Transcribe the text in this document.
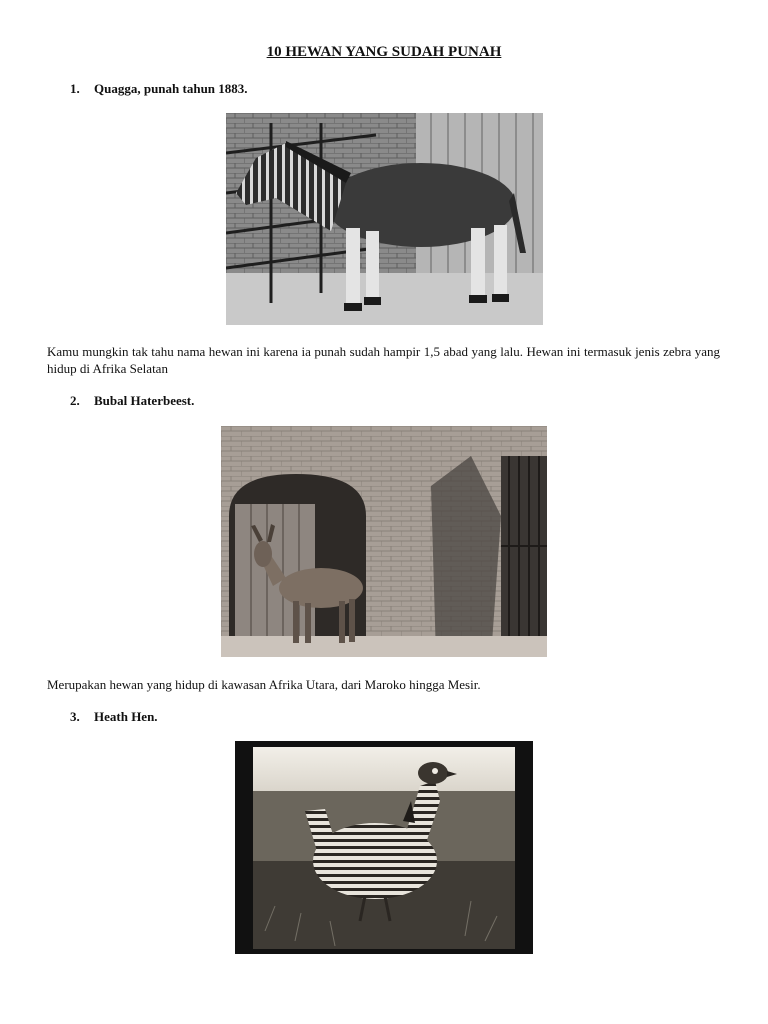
10 HEWAN YANG SUDAH PUNAH
1. Quagga, punah tahun 1883.
Kamu mungkin tak tahu nama hewan ini karena ia punah sudah hampir 1,5 abad yang lalu. Hewan ini termasuk jenis zebra yang hidup di Afrika Selatan
2. Bubal Haterbeest.
Merupakan hewan yang hidup di kawasan Afrika Utara, dari Maroko hingga Mesir.
3. Heath Hen.
